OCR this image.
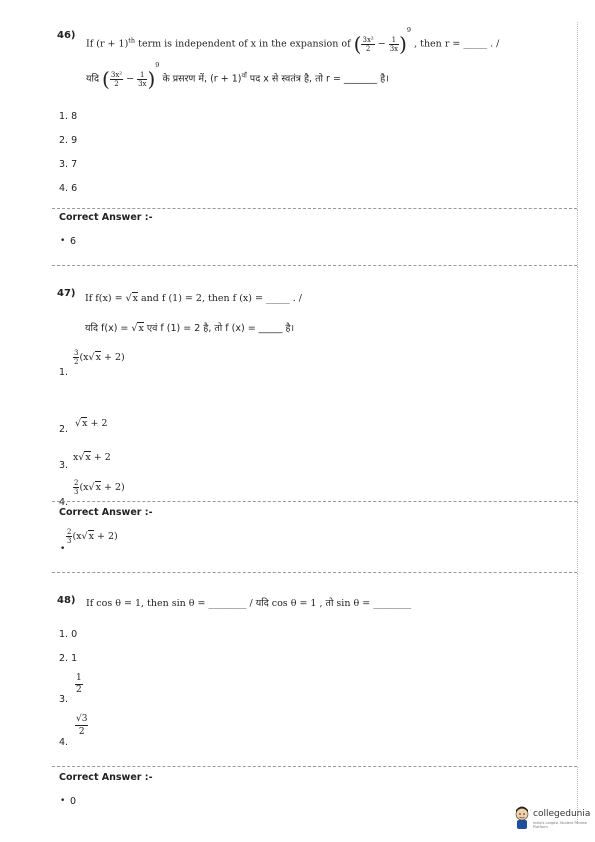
46)
If $(r + 1)^{th}$ term is independent of x in the expansion of ( $\frac{\text{3x²}}{2} - \frac{1}{3x} )^9$ , then r = _____ . /
यदि ( $\frac{\text{3x²}}{2} - \frac{1}{3x} )^9$ के प्रसरण में, $(r + 1)^{वाँ}$ पद x से स्वतंत्र है, तो r = _______ है।
1. 8
2. 9
3. 7
4. 6
Correct Answer :-
• 6
47) If f(x) = √x and f (1) = 2, then f (x) = _____ . /
यदि f(x) = √x एवं f (1) = 2 है, तो f (x) = _____ है।
1.
$\frac{3}{2} (x√x + 2)$
2.
√x + 2
3.
x√x + 2
4.
$\frac{2}{3} (x√x + 2)$
Correct Answer :-
•
$\frac{2}{3} (x√x + 2)$
48) If cos θ = 1, then sin θ = ________ / यदि cos θ = 1 , तो sin θ = ________
1. 0
2. 1
3.
$\frac{1}{2}$
4.
$\frac{√3}{2}$
Correct Answer :-
• 0
collegedunia
India's Largest Student Review Platform
